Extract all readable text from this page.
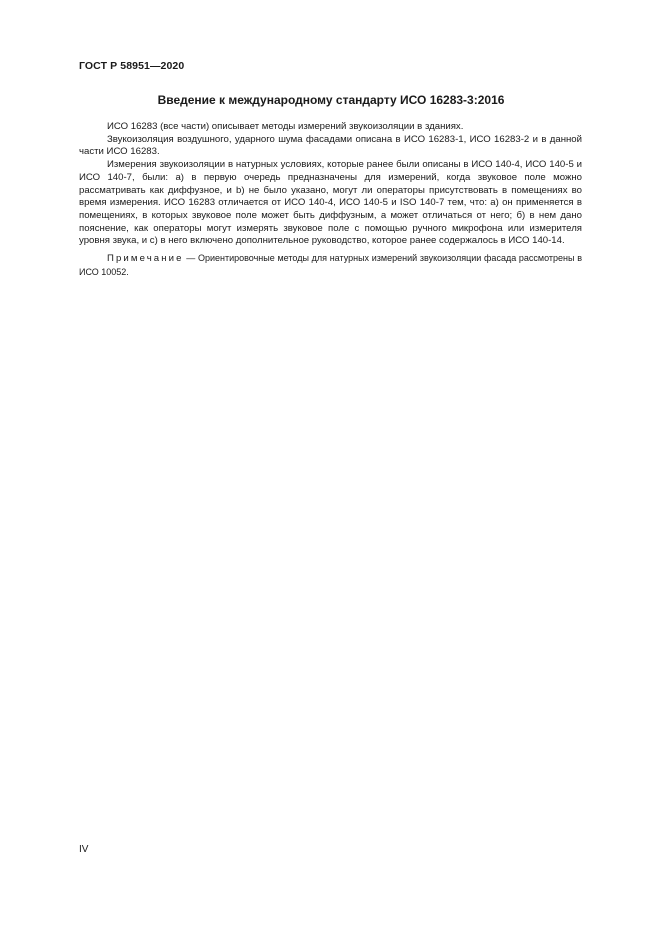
ГОСТ Р 58951—2020
Введение к международному стандарту ИСО 16283-3:2016

ИСО 16283 (все части) описывает методы измерений звукоизоляции в зданиях.

Звукоизоляция воздушного, ударного шума фасадами описана в ИСО 16283-1, ИСО 16283-2 и в данной части ИСО 16283.

Измерения звукоизоляции в натурных условиях, которые ранее были описаны в ИСО 140-4, ИСО 140-5 и ИСО 140-7, были: а) в первую очередь предназначены для измерений, когда звуковое поле можно рассматривать как диффузное, и b) не было указано, могут ли операторы присутствовать в помещениях во время измерения. ИСО 16283 отличается от ИСО 140-4, ИСО 140-5 и ISO 140-7 тем, что: а) он применяется в помещениях, в которых звуковое поле может быть диффузным, а может отличаться от него; б) в нем дано пояснение, как операторы могут измерять звуковое поле с помощью ручного микрофона или измерителя уровня звука, и с) в него включено дополнительное руководство, которое ранее содержалось в ИСО 140-14.

Примечание — Ориентировочные методы для натурных измерений звукоизоляции фасада рассмотрены в ИСО 10052.

IV
